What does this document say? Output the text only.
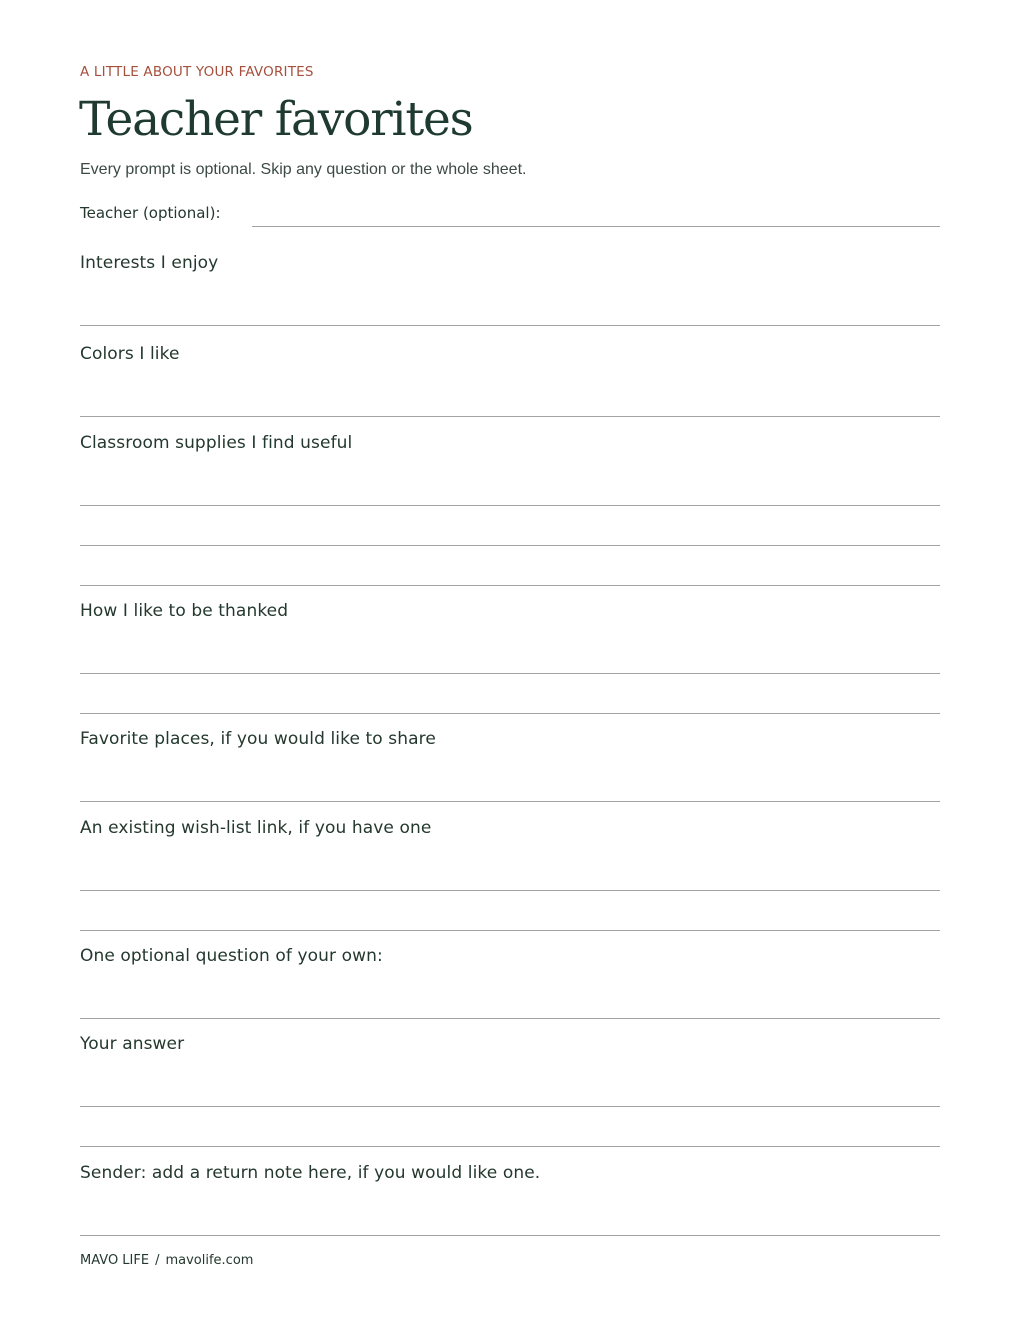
A LITTLE ABOUT YOUR FAVORITES
Teacher favorites
Every prompt is optional. Skip any question or the whole sheet.
Teacher (optional):
Interests I enjoy
Colors I like
Classroom supplies I find useful
How I like to be thanked
Favorite places, if you would like to share
An existing wish-list link, if you have one
One optional question of your own:
Your answer
Sender: add a return note here, if you would like one.
MAVO LIFE / mavolife.com
